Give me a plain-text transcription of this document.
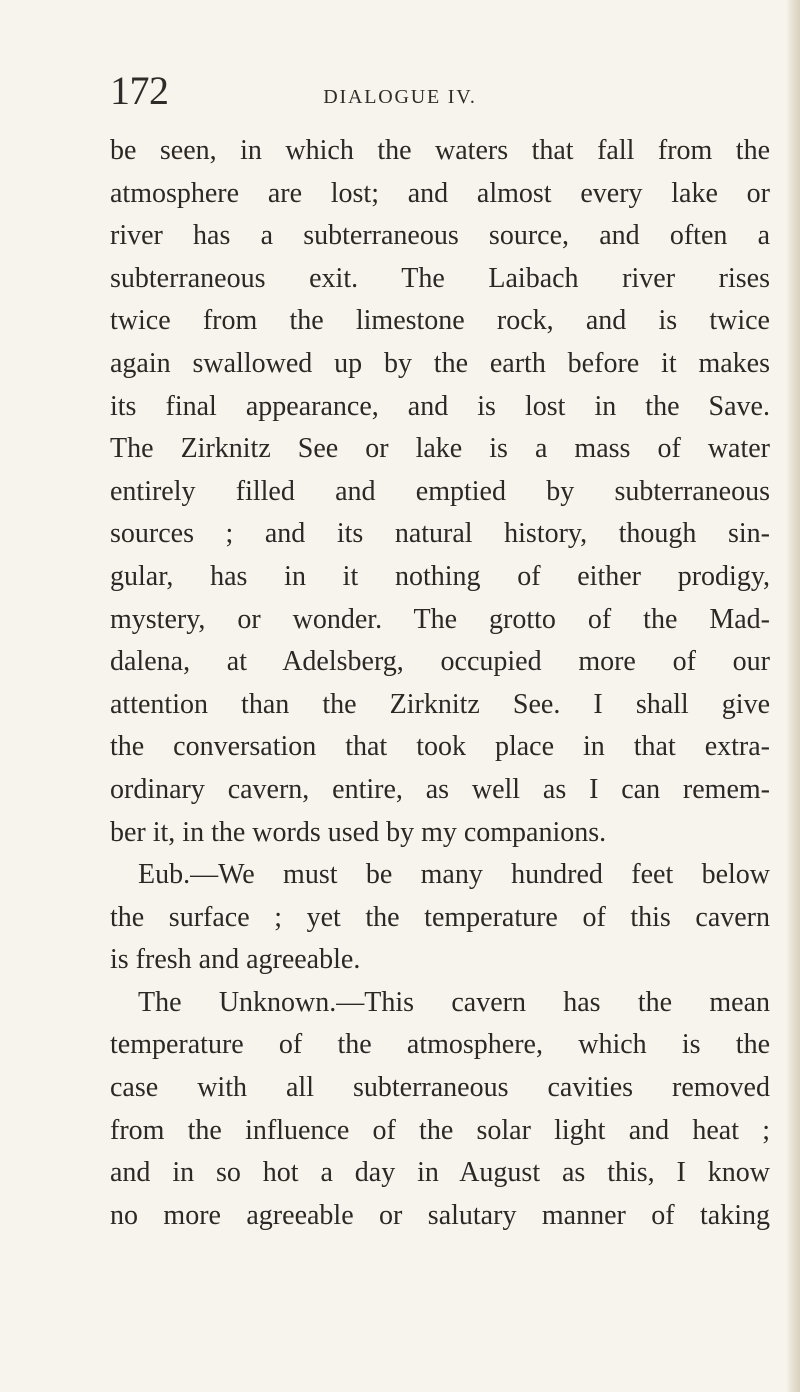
172	DIALOGUE IV.
be seen, in which the waters that fall from the
atmosphere are lost; and almost every lake or
river has a subterraneous source, and often a
subterraneous exit. The Laibach river rises
twice from the limestone rock, and is twice
again swallowed up by the earth before it makes
its final appearance, and is lost in the Save.
The Zirknitz See or lake is a mass of water
entirely filled and emptied by subterraneous
sources ; and its natural history, though sin-
gular, has in it nothing of either prodigy,
mystery, or wonder. The grotto of the Mad-
dalena, at Adelsberg, occupied more of our
attention than the Zirknitz See. I shall give
the conversation that took place in that extra-
ordinary cavern, entire, as well as I can remem-
ber it, in the words used by my companions.
Eub.—We must be many hundred feet below
the surface ; yet the temperature of this cavern
is fresh and agreeable.
The Unknown.—This cavern has the mean
temperature of the atmosphere, which is the
case with all subterraneous cavities removed
from the influence of the solar light and heat ;
and in so hot a day in August as this, I know
no more agreeable or salutary manner of taking
